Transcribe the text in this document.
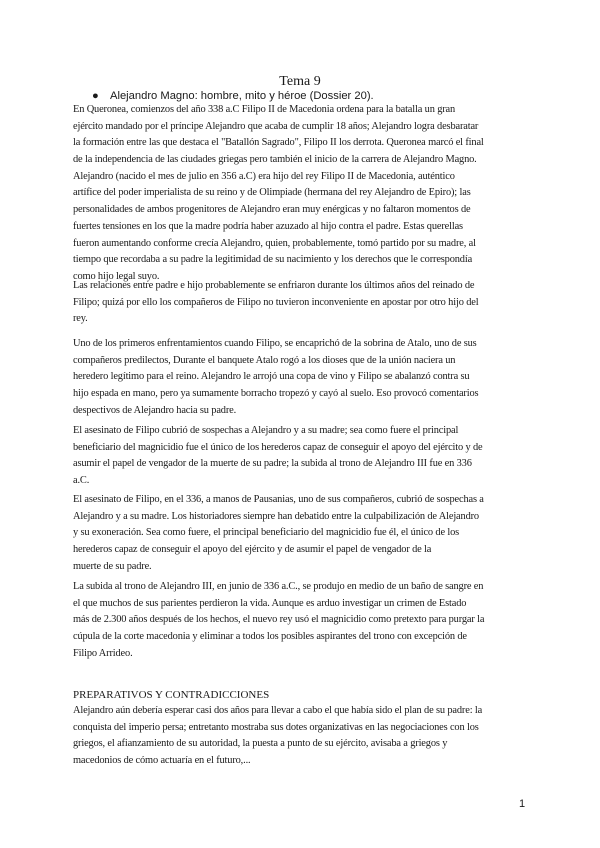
Tema 9
● Alejandro Magno: hombre, mito y héroe (Dossier 20).
En Queronea, comienzos del año 338 a.C Filipo II de Macedonia ordena para la batalla un gran
ejército mandado por el príncipe Alejandro que acaba de cumplir 18 años; Alejandro logra desbaratar
la formación entre las que destaca el "Batallón Sagrado", Filipo II los derrota. Queronea marcó el final
de la independencia de las ciudades griegas pero también el inicio de la carrera de Alejandro Magno.
Alejandro (nacido el mes de julio en 356 a.C) era hijo del rey Filipo II de Macedonia, auténtico
artífice del poder imperialista de su reino y de Olimpiade (hermana del rey Alejandro de Epiro); las
personalidades de ambos progenitores de Alejandro eran muy enérgicas y no faltaron momentos de
fuertes tensiones en los que la madre podría haber azuzado al hijo contra el padre. Estas querellas
fueron aumentando conforme crecía Alejandro, quien, probablemente, tomó partido por su madre, al
tiempo que recordaba a su padre la legitimidad de su nacimiento y los derechos que le correspondía
como hijo legal suyo.
Las relaciones entre padre e hijo probablemente se enfriaron durante los últimos años del reinado de
Filipo; quizá por ello los compañeros de Filipo no tuvieron inconveniente en apostar por otro hijo del
rey.
Uno de los primeros enfrentamientos cuando Filipo, se encaprichó de la sobrina de Atalo, uno de sus
compañeros predilectos, Durante el banquete Atalo rogó a los dioses que de la unión naciera un
heredero legítimo para el reino. Alejandro le arrojó una copa de vino y Filipo se abalanzó contra su
hijo espada en mano, pero ya sumamente borracho tropezó y cayó al suelo. Eso provocó comentarios
despectivos de Alejandro hacia su padre.
El asesinato de Filipo cubrió de sospechas a Alejandro y a su madre; sea como fuere el principal
beneficiario del magnicidio fue el único de los herederos capaz de conseguir el apoyo del ejército y de
asumir el papel de vengador de la muerte de su padre; la subida al trono de Alejandro III fue en 336
a.C.
El asesinato de Filipo, en el 336, a manos de Pausanias, uno de sus compañeros, cubrió de sospechas a
Alejandro y a su madre. Los historiadores siempre han debatido entre la culpabilización de Alejandro
y su exoneración. Sea como fuere, el principal beneficiario del magnicidio fue él, el único de los
herederos capaz de conseguir el apoyo del ejército y de asumir el papel de vengador de la
muerte de su padre.
La subida al trono de Alejandro III, en junio de 336 a.C., se produjo en medio de un baño de sangre en
el que muchos de sus parientes perdieron la vida. Aunque es arduo investigar un crimen de Estado
más de 2.300 años después de los hechos, el nuevo rey usó el magnicidio como pretexto para purgar la
cúpula de la corte macedonia y eliminar a todos los posibles aspirantes del trono con excepción de
Filipo Arrideo.
PREPARATIVOS Y CONTRADICCIONES
Alejandro aún debería esperar casi dos años para llevar a cabo el que había sido el plan de su padre: la
conquista del imperio persa; entretanto mostraba sus dotes organizativas en las negociaciones con los
griegos, el afianzamiento de su autoridad, la puesta a punto de su ejército, avisaba a griegos y
macedonios de cómo actuaría en el futuro,...
1
